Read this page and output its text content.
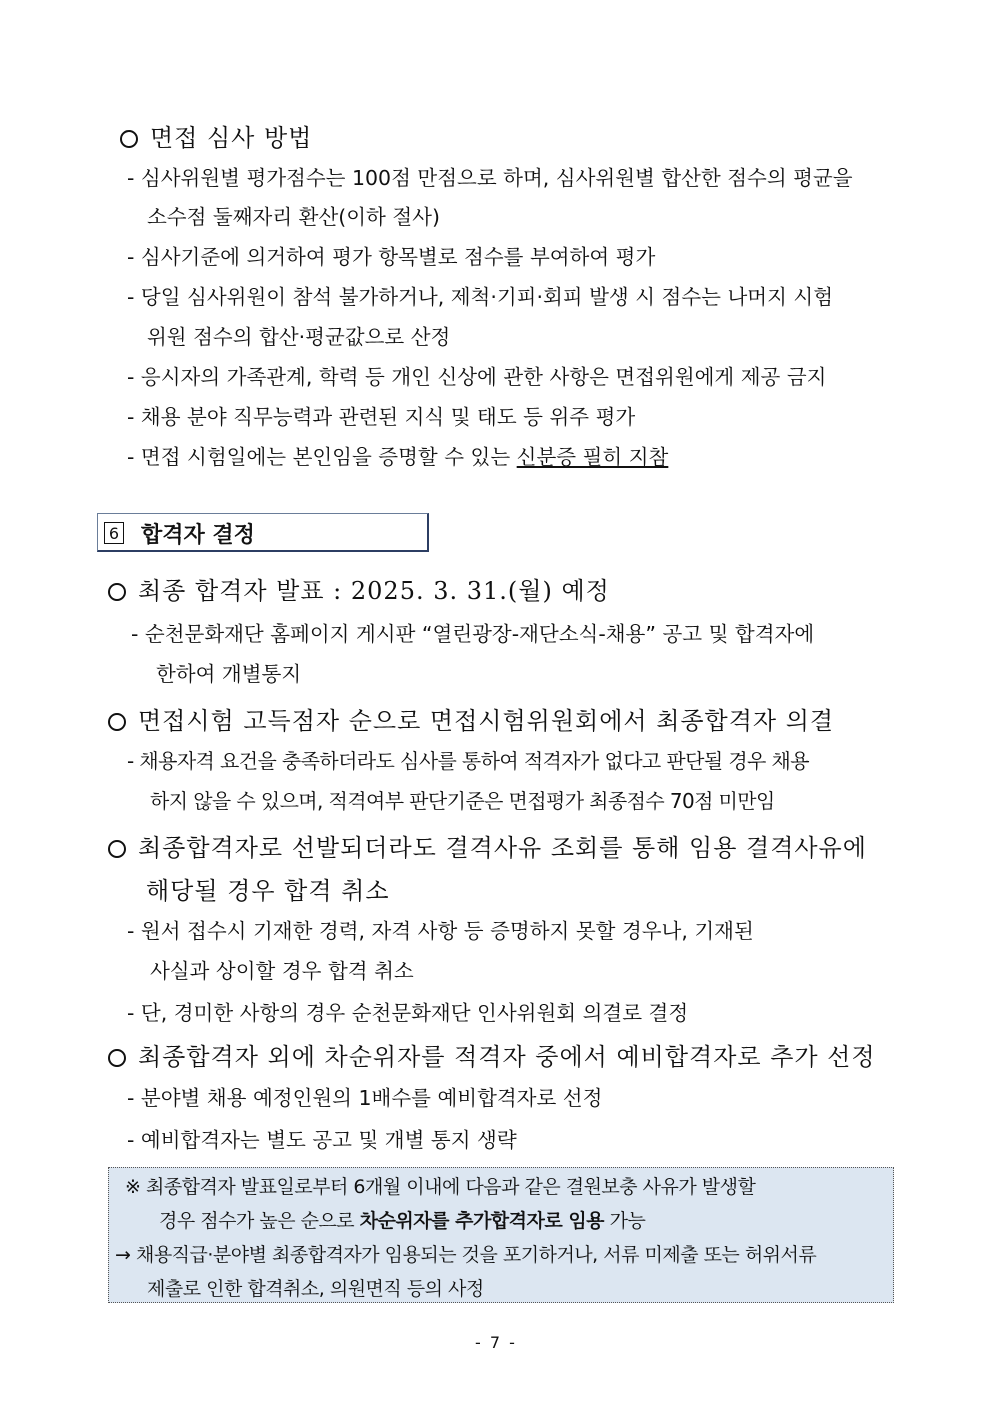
면접 심사 방법
- 심사위원별 평가점수는 100점 만점으로 하며, 심사위원별 합산한 점수의 평균을
소수점 둘째자리 환산(이하 절사)
- 심사기준에 의거하여 평가 항목별로 점수를 부여하여 평가
- 당일 심사위원이 참석 불가하거나, 제척·기피·회피 발생 시 점수는 나머지 시험
위원 점수의 합산·평균값으로 산정
- 응시자의 가족관계, 학력 등 개인 신상에 관한 사항은 면접위원에게 제공 금지
- 채용 분야 직무능력과 관련된 지식 및 태도 등 위주 평가
- 면접 시험일에는 본인임을 증명할 수 있는 신분증 필히 지참
6 합격자 결정
최종 합격자 발표 : 2025. 3. 31.(월) 예정
- 순천문화재단 홈페이지 게시판 “열린광장-재단소식-채용” 공고 및 합격자에
한하여 개별통지
면접시험 고득점자 순으로 면접시험위원회에서 최종합격자 의결
- 채용자격 요건을 충족하더라도 심사를 통하여 적격자가 없다고 판단될 경우 채용
하지 않을 수 있으며, 적격여부 판단기준은 면접평가 최종점수 70점 미만임
최종합격자로 선발되더라도 결격사유 조회를 통해 임용 결격사유에
해당될 경우 합격 취소
- 원서 접수시 기재한 경력, 자격 사항 등 증명하지 못할 경우나, 기재된
사실과 상이할 경우 합격 취소
- 단, 경미한 사항의 경우 순천문화재단 인사위원회 의결로 결정
최종합격자 외에 차순위자를 적격자 중에서 예비합격자로 추가 선정
- 분야별 채용 예정인원의 1배수를 예비합격자로 선정
- 예비합격자는 별도 공고 및 개별 통지 생략
※ 최종합격자 발표일로부터 6개월 이내에 다음과 같은 결원보충 사유가 발생할
경우 점수가 높은 순으로 차순위자를 추가합격자로 임용 가능
→ 채용직급·분야별 최종합격자가 임용되는 것을 포기하거나, 서류 미제출 또는 허위서류
제출로 인한 합격취소, 의원면직 등의 사정
- 7 -
